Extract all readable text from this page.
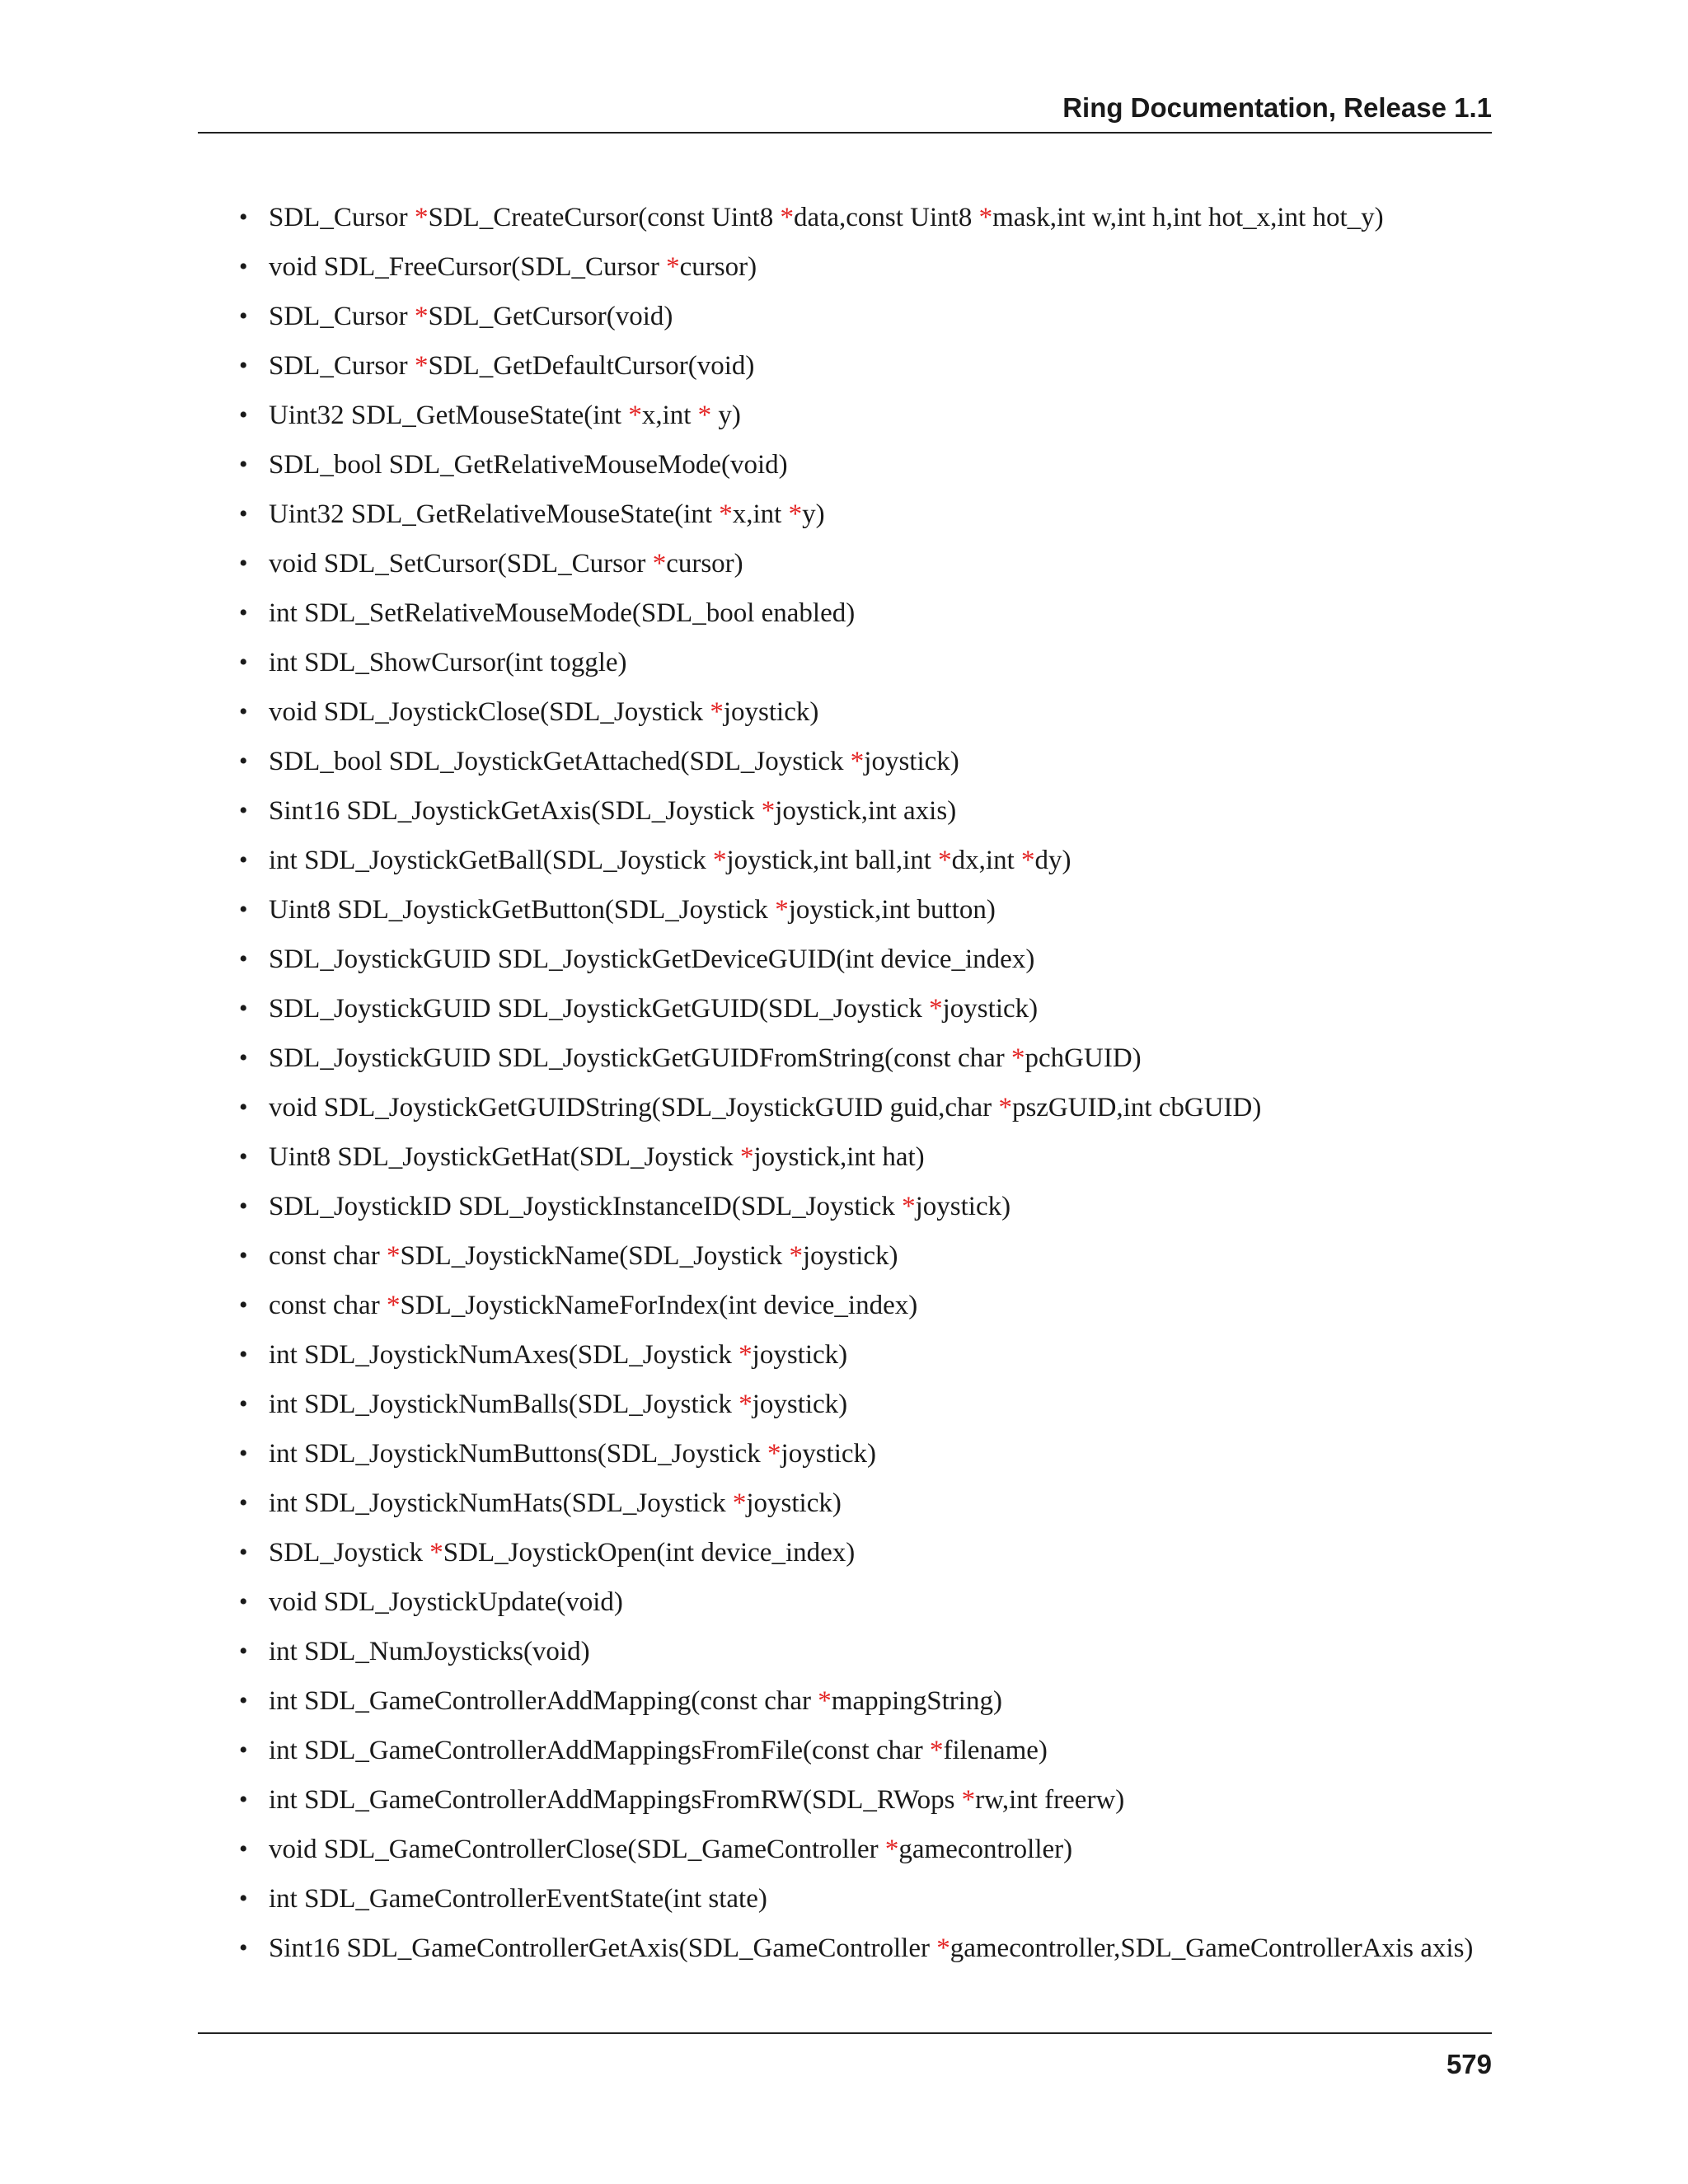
Ring Documentation, Release 1.1
• SDL_Cursor *SDL_CreateCursor(const Uint8 *data,const Uint8 *mask,int w,int h,int hot_x,int hot_y)
• void SDL_FreeCursor(SDL_Cursor *cursor)
• SDL_Cursor *SDL_GetCursor(void)
• SDL_Cursor *SDL_GetDefaultCursor(void)
• Uint32 SDL_GetMouseState(int *x,int * y)
• SDL_bool SDL_GetRelativeMouseMode(void)
• Uint32 SDL_GetRelativeMouseState(int *x,int *y)
• void SDL_SetCursor(SDL_Cursor *cursor)
• int SDL_SetRelativeMouseMode(SDL_bool enabled)
• int SDL_ShowCursor(int toggle)
• void SDL_JoystickClose(SDL_Joystick *joystick)
• SDL_bool SDL_JoystickGetAttached(SDL_Joystick *joystick)
• Sint16 SDL_JoystickGetAxis(SDL_Joystick *joystick,int axis)
• int SDL_JoystickGetBall(SDL_Joystick *joystick,int ball,int *dx,int *dy)
• Uint8 SDL_JoystickGetButton(SDL_Joystick *joystick,int button)
• SDL_JoystickGUID SDL_JoystickGetDeviceGUID(int device_index)
• SDL_JoystickGUID SDL_JoystickGetGUID(SDL_Joystick *joystick)
• SDL_JoystickGUID SDL_JoystickGetGUIDFromString(const char *pchGUID)
• void SDL_JoystickGetGUIDString(SDL_JoystickGUID guid,char *pszGUID,int cbGUID)
• Uint8 SDL_JoystickGetHat(SDL_Joystick *joystick,int hat)
• SDL_JoystickID SDL_JoystickInstanceID(SDL_Joystick *joystick)
• const char *SDL_JoystickName(SDL_Joystick *joystick)
• const char *SDL_JoystickNameForIndex(int device_index)
• int SDL_JoystickNumAxes(SDL_Joystick *joystick)
• int SDL_JoystickNumBalls(SDL_Joystick *joystick)
• int SDL_JoystickNumButtons(SDL_Joystick *joystick)
• int SDL_JoystickNumHats(SDL_Joystick *joystick)
• SDL_Joystick *SDL_JoystickOpen(int device_index)
• void SDL_JoystickUpdate(void)
• int SDL_NumJoysticks(void)
• int SDL_GameControllerAddMapping(const char *mappingString)
• int SDL_GameControllerAddMappingsFromFile(const char *filename)
• int SDL_GameControllerAddMappingsFromRW(SDL_RWops *rw,int freerw)
• void SDL_GameControllerClose(SDL_GameController *gamecontroller)
• int SDL_GameControllerEventState(int state)
• Sint16 SDL_GameControllerGetAxis(SDL_GameController *gamecontroller,SDL_GameControllerAxis axis)
579
